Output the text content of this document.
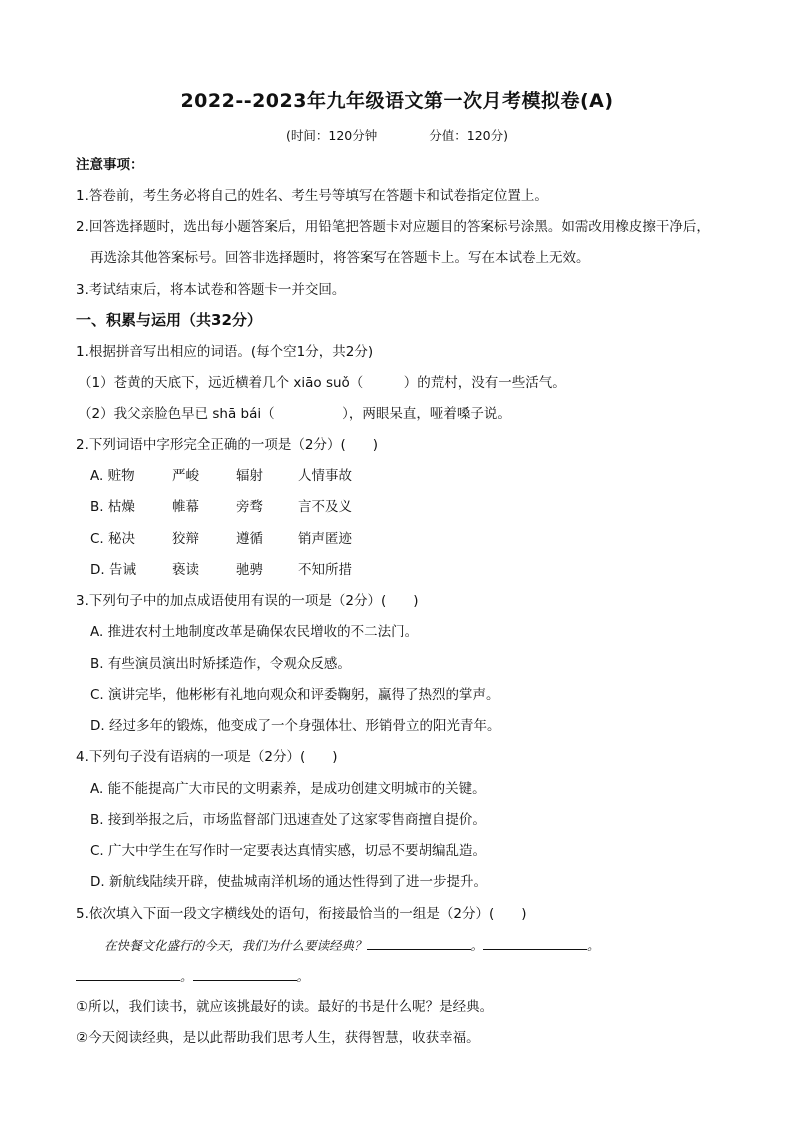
2022--2023年九年级语文第一次月考模拟卷(A)
(时间：120分钟	分值：120分)
注意事项：
1.答卷前，考生务必将自己的姓名、考生号等填写在答题卡和试卷指定位置上。
2.回答选择题时，选出每小题答案后，用铅笔把答题卡对应题目的答案标号涂黑。如需改用橡皮擦干净后，
再选涂其他答案标号。回答非选择题时，将答案写在答题卡上。写在本试卷上无效。
3.考试结束后，将本试卷和答题卡一并交回。
一、积累与运用（共32分）
1.根据拼音写出相应的词语。(每个空1分，共2分)
（1）苍黄的天底下，远近横着几个 xiāo suǒ（　　　）的荒村，没有一些活气。
（2）我父亲脸色早已 shā bái（　　　　　），两眼呆直，哑着嗓子说。
2.下列词语中字形完全正确的一项是（2分）(　　)
A. 赃物	严峻	辐射	人情事故
B. 枯燥	帷幕	旁骛	言不及义
C. 秘决	狡辩	遵循	销声匿迹
D. 告诫	亵读	驰骋	不知所措
3.下列句子中的加点成语使用有误的一项是（2分）(　　)
A. 推进农村土地制度改革是确保农民增收的不二法门。
B. 有些演员演出时矫揉造作，令观众反感。
C. 演讲完毕，他彬彬有礼地向观众和评委鞠躬，赢得了热烈的掌声。
D. 经过多年的锻炼，他变成了一个身强体壮、形销骨立的阳光青年。
4.下列句子没有语病的一项是（2分）(　　)
A. 能不能提高广大市民的文明素养，是成功创建文明城市的关键。
B. 接到举报之后，市场监督部门迅速查处了这家零售商擅自提价。
C. 广大中学生在写作时一定要表达真情实感，切忌不要胡编乱造。
D. 新航线陆续开辟，使盐城南洋机场的通达性得到了进一步提升。
5.依次填入下面一段文字横线处的语句，衔接最恰当的一组是（2分）(　　)
在快餐文化盛行的今天，我们为什么要读经典？	。	。
。	。
①所以，我们读书，就应该挑最好的读。最好的书是什么呢？是经典。
②今天阅读经典，是以此帮助我们思考人生，获得智慧，收获幸福。
